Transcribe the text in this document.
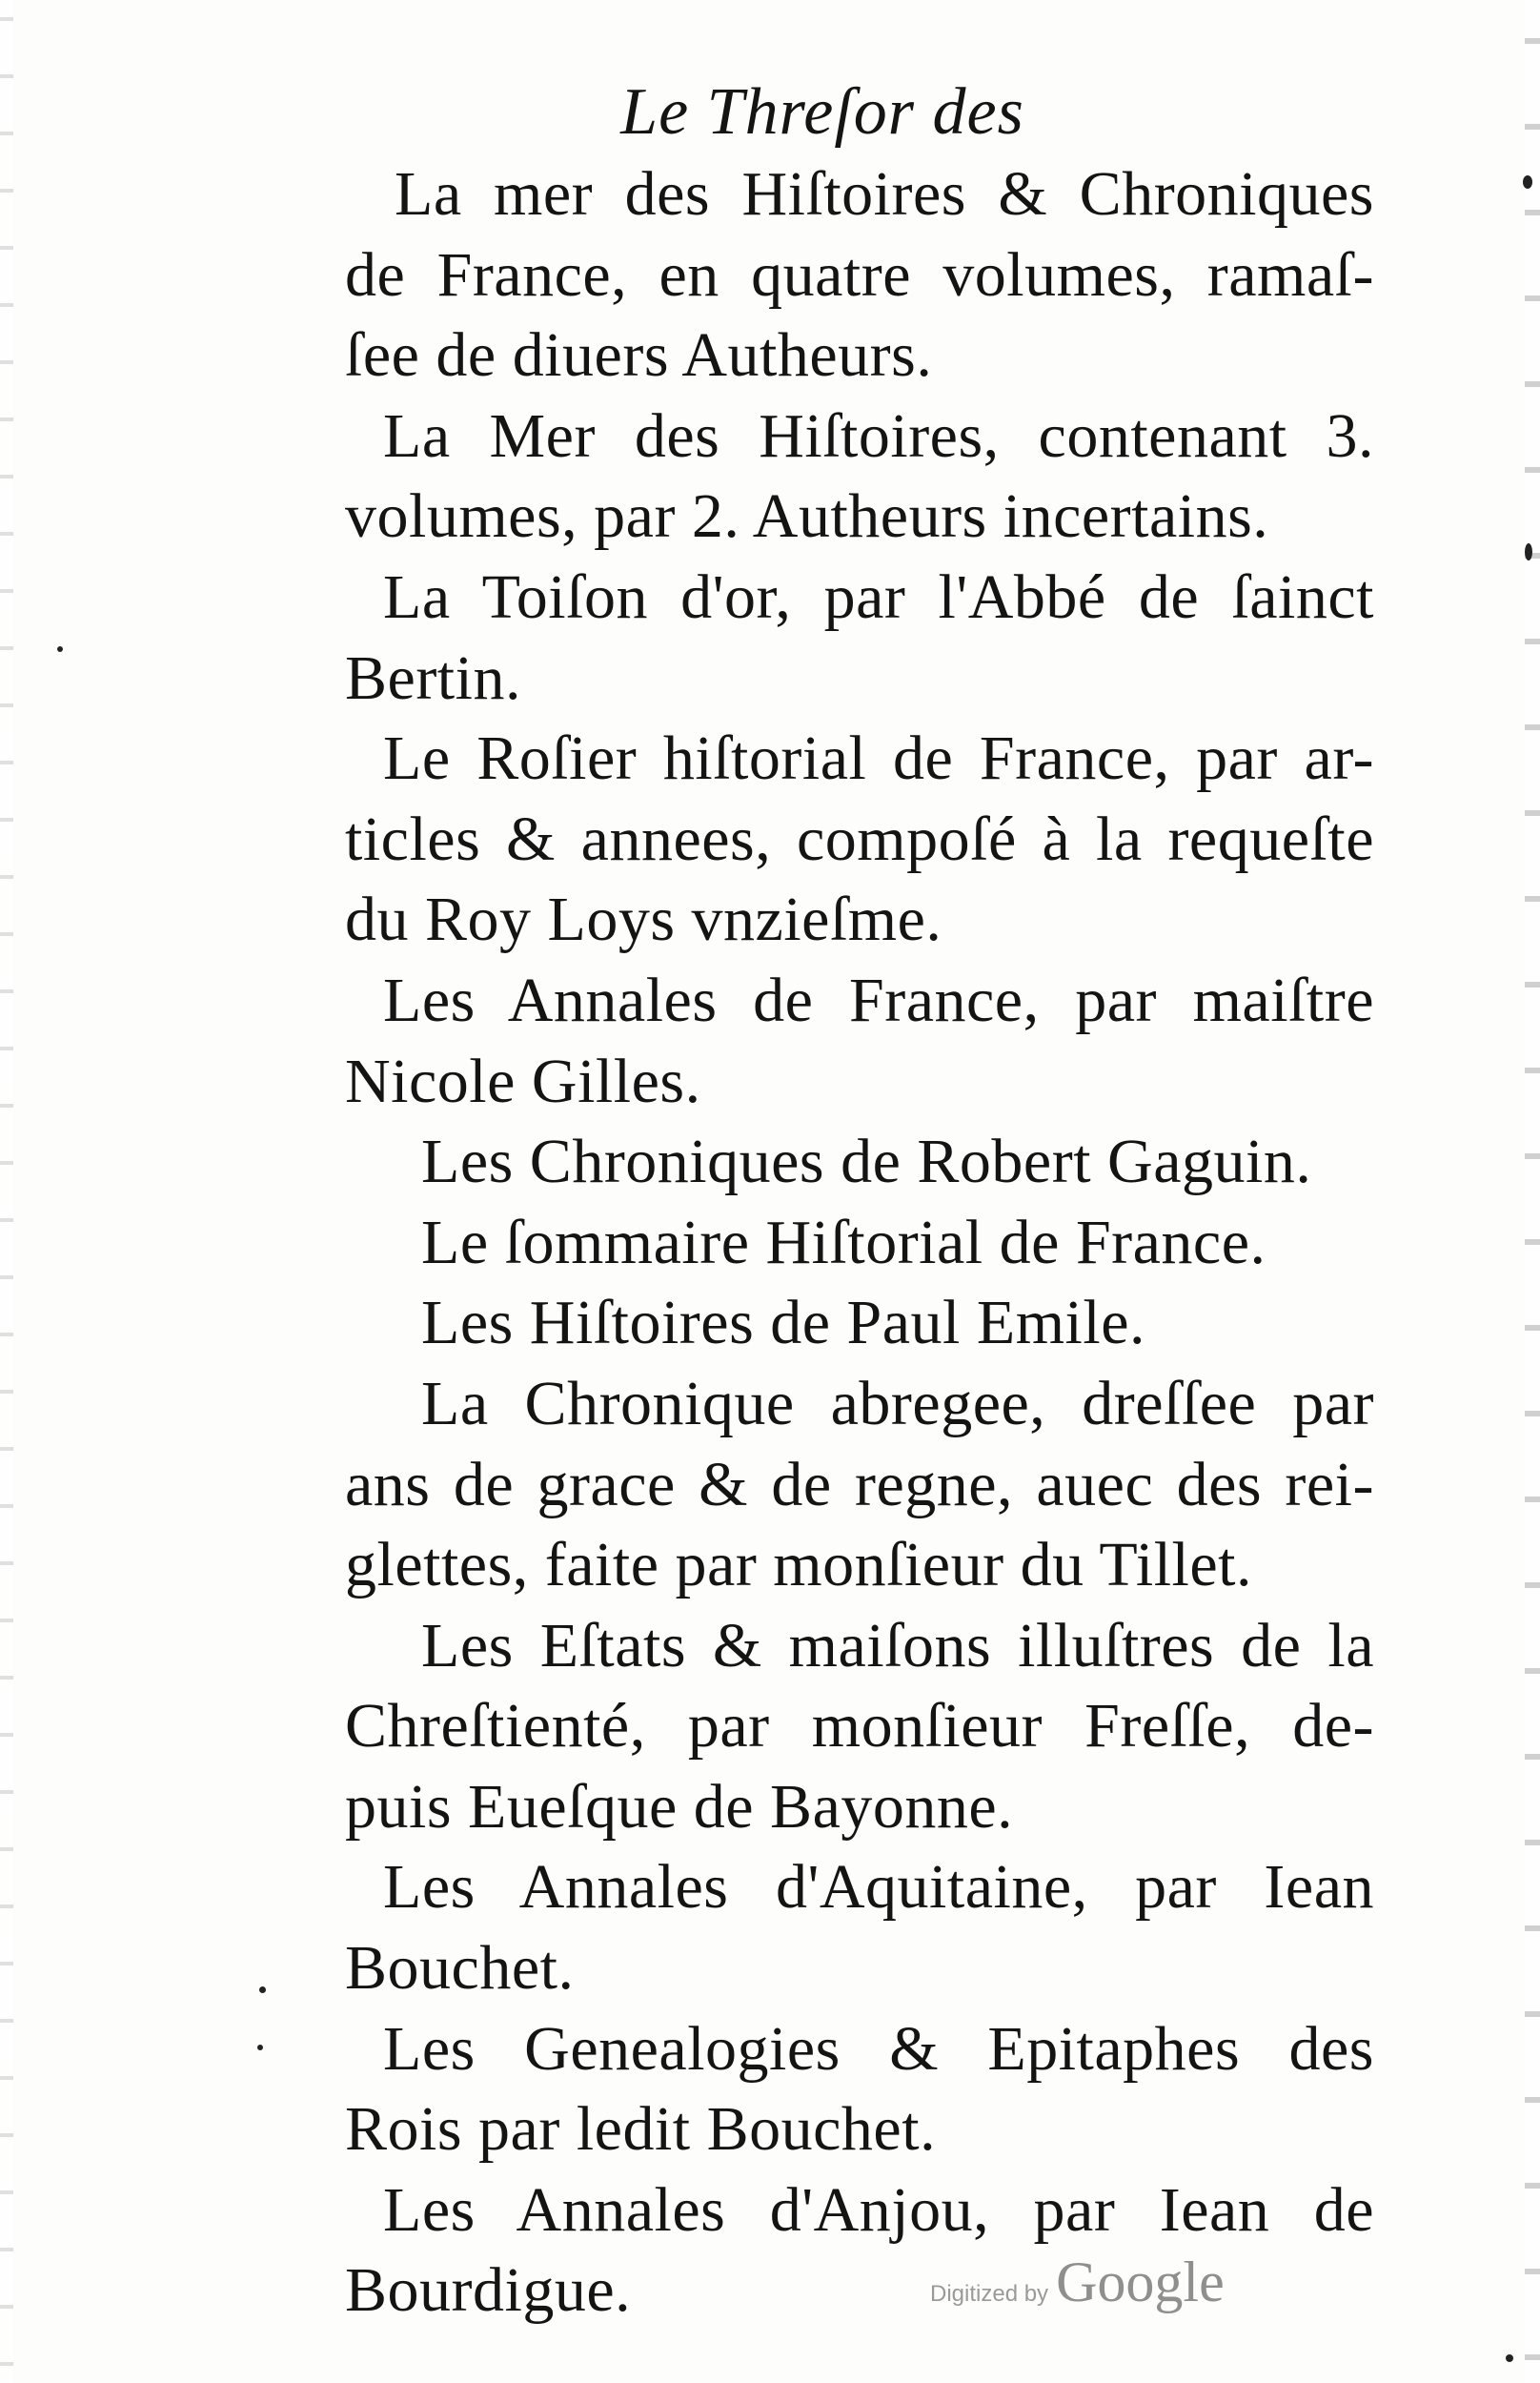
Le Threſor des
La mer des Hiſtoires & Chroniques
de France, en quatre volumes, ramaſ-
ſee de diuers Autheurs.
La Mer des Hiſtoires, contenant 3.
volumes, par 2. Autheurs incertains.
La Toiſon d'or, par l'Abbé de ſainct
Bertin.
Le Roſier hiſtorial de France, par ar-
ticles & annees, compoſé à la requeſte
du Roy Loys vnzieſme.
Les Annales de France, par maiſtre
Nicole Gilles.
Les Chroniques de Robert Gaguin.
Le ſommaire Hiſtorial de France.
Les Hiſtoires de Paul Emile.
La Chronique abregee, dreſſee par
ans de grace & de regne, auec des rei-
glettes, faite par monſieur du Tillet.
Les Eſtats & maiſons illuſtres de la
Chreſtienté, par monſieur Freſſe, de-
puis Eueſque de Bayonne.
Les Annales d'Aquitaine, par Iean
Bouchet.
Les Genealogies & Epitaphes des
Rois par ledit Bouchet.
Les Annales d'Anjou, par Iean de
Bourdigue.	Digitized by Google
